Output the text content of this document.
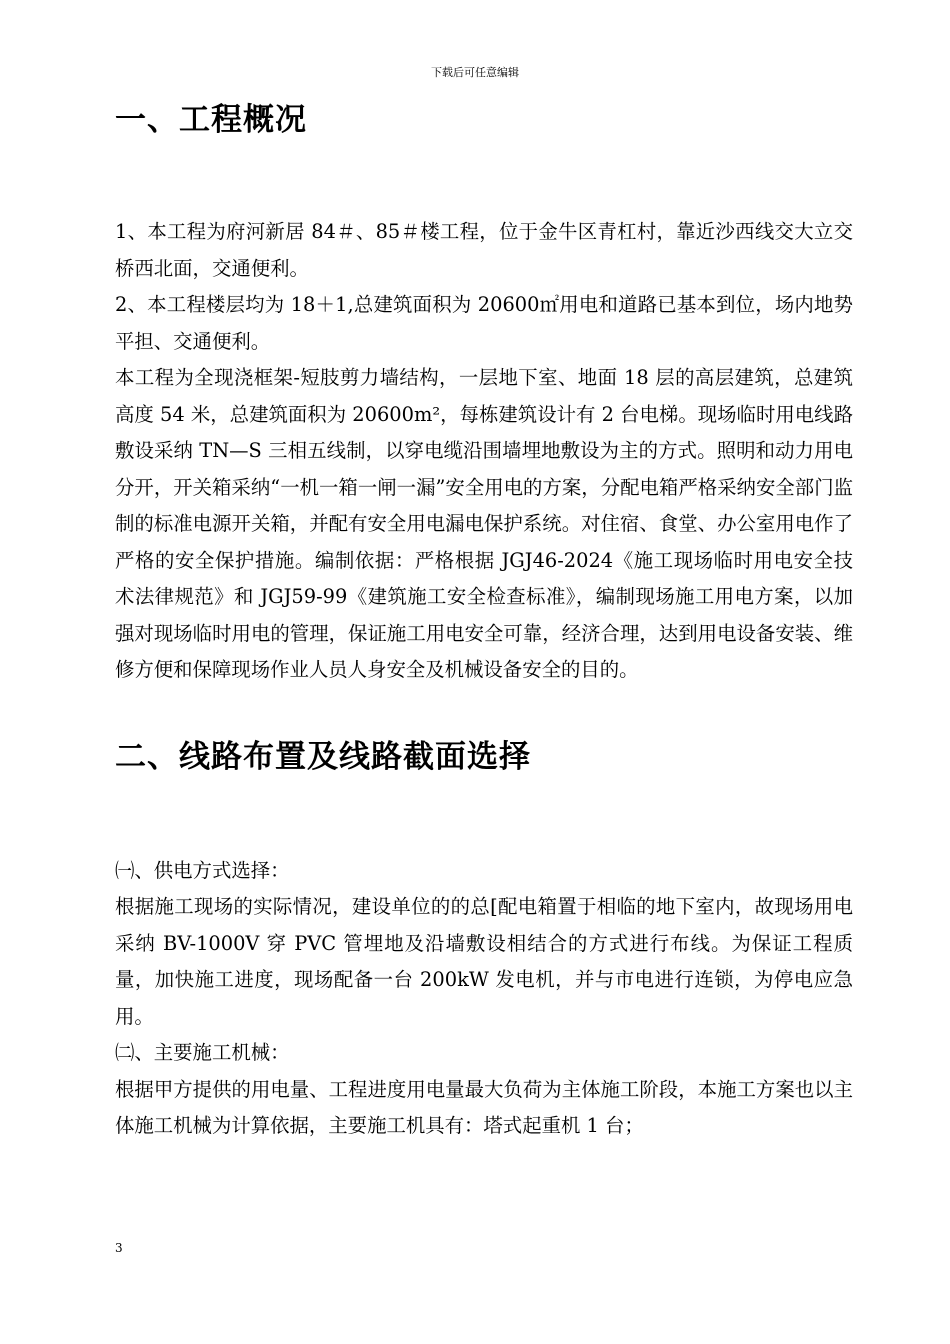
下载后可任意编辑
一、工程概况

1、本工程为府河新居 84＃、85＃楼工程，位于金牛区青杠村，靠近沙西线交大立交桥西北面，交通便利。

2、本工程楼层均为 18＋1,总建筑面积为 20600㎡用电和道路已基本到位，场内地势平担、交通便利。

本工程为全现浇框架-短肢剪力墙结构，一层地下室、地面 18 层的高层建筑，总建筑高度 54 米，总建筑面积为 20600m²，每栋建筑设计有 2 台电梯。现场临时用电线路敷设采纳 TN—S 三相五线制，以穿电缆沿围墙埋地敷设为主的方式。照明和动力用电分开，开关箱采纳“一机一箱一闸一漏”安全用电的方案，分配电箱严格采纳安全部门监制的标准电源开关箱，并配有安全用电漏电保护系统。对住宿、食堂、办公室用电作了严格的安全保护措施。编制依据：严格根据 JGJ46-2024《施工现场临时用电安全技术法律规范》和 JGJ59-99《建筑施工安全检查标准》，编制现场施工用电方案，以加强对现场临时用电的管理，保证施工用电安全可靠，经济合理，达到用电设备安装、维修方便和保障现场作业人员人身安全及机械设备安全的目的。

二、线路布置及线路截面选择

㈠、供电方式选择：

根据施工现场的实际情况，建设单位的的总[配电箱置于相临的地下室内，故现场用电采纳 BV-1000V 穿 PVC 管埋地及沿墙敷设相结合的方式进行布线。为保证工程质量，加快施工进度，现场配备一台 200kW 发电机，并与市电进行连锁，为停电应急用。

㈡、主要施工机械：

根据甲方提供的用电量、工程进度用电量最大负荷为主体施工阶段，本施工方案也以主体施工机械为计算依据，主要施工机具有：塔式起重机 1 台；

3
